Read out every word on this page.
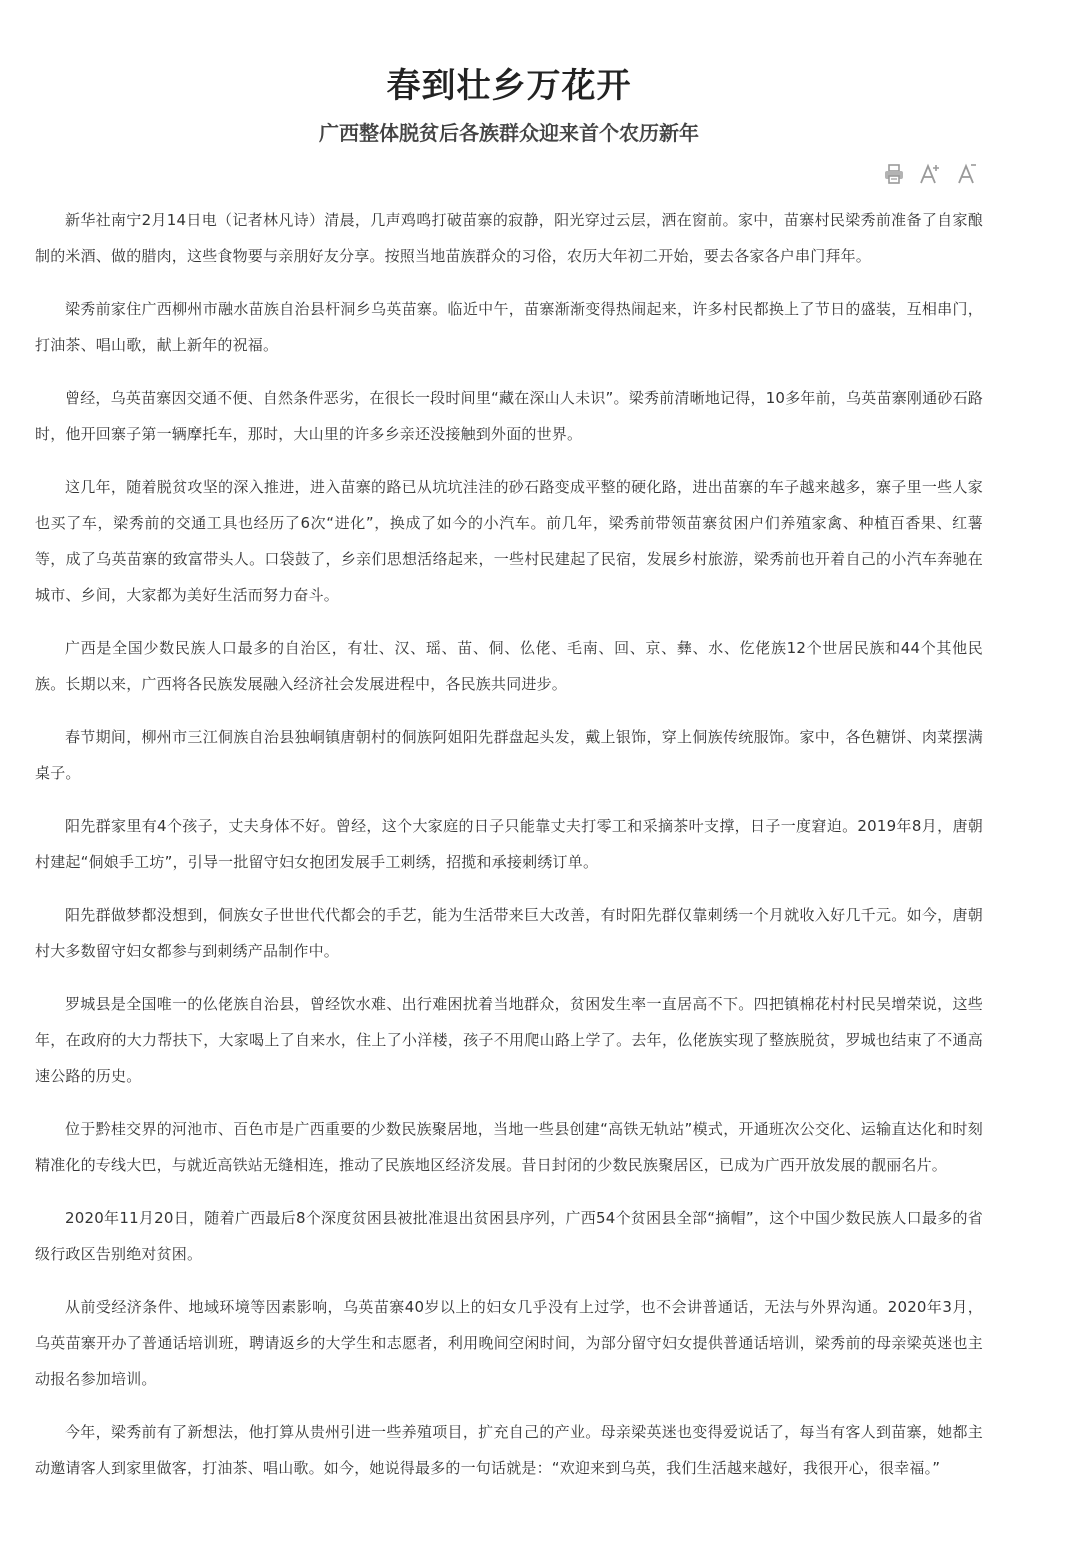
春到壮乡万花开
广西整体脱贫后各族群众迎来首个农历新年

新华社南宁2月14日电（记者林凡诗）清晨，几声鸡鸣打破苗寨的寂静，阳光穿过云层，洒在窗前。家中，苗寨村民梁秀前准备了自家酿制的米酒、做的腊肉，这些食物要与亲朋好友分享。按照当地苗族群众的习俗，农历大年初二开始，要去各家各户串门拜年。

梁秀前家住广西柳州市融水苗族自治县杆洞乡乌英苗寨。临近中午，苗寨渐渐变得热闹起来，许多村民都换上了节日的盛装，互相串门，打油茶、唱山歌，献上新年的祝福。

曾经，乌英苗寨因交通不便、自然条件恶劣，在很长一段时间里“藏在深山人未识”。梁秀前清晰地记得，10多年前，乌英苗寨刚通砂石路时，他开回寨子第一辆摩托车，那时，大山里的许多乡亲还没接触到外面的世界。

这几年，随着脱贫攻坚的深入推进，进入苗寨的路已从坑坑洼洼的砂石路变成平整的硬化路，进出苗寨的车子越来越多，寨子里一些人家也买了车，梁秀前的交通工具也经历了6次“进化”，换成了如今的小汽车。前几年，梁秀前带领苗寨贫困户们养殖家禽、种植百香果、红薯等，成了乌英苗寨的致富带头人。口袋鼓了，乡亲们思想活络起来，一些村民建起了民宿，发展乡村旅游，梁秀前也开着自己的小汽车奔驰在城市、乡间，大家都为美好生活而努力奋斗。

广西是全国少数民族人口最多的自治区，有壮、汉、瑶、苗、侗、仫佬、毛南、回、京、彝、水、仡佬族12个世居民族和44个其他民族。长期以来，广西将各民族发展融入经济社会发展进程中，各民族共同进步。

春节期间，柳州市三江侗族自治县独峒镇唐朝村的侗族阿姐阳先群盘起头发，戴上银饰，穿上侗族传统服饰。家中，各色糖饼、肉菜摆满桌子。

阳先群家里有4个孩子，丈夫身体不好。曾经，这个大家庭的日子只能靠丈夫打零工和采摘茶叶支撑，日子一度窘迫。2019年8月，唐朝村建起“侗娘手工坊”，引导一批留守妇女抱团发展手工刺绣，招揽和承接刺绣订单。

阳先群做梦都没想到，侗族女子世世代代都会的手艺，能为生活带来巨大改善，有时阳先群仅靠刺绣一个月就收入好几千元。如今，唐朝村大多数留守妇女都参与到刺绣产品制作中。

罗城县是全国唯一的仫佬族自治县，曾经饮水难、出行难困扰着当地群众，贫困发生率一直居高不下。四把镇棉花村村民吴增荣说，这些年，在政府的大力帮扶下，大家喝上了自来水，住上了小洋楼，孩子不用爬山路上学了。去年，仫佬族实现了整族脱贫，罗城也结束了不通高速公路的历史。

位于黔桂交界的河池市、百色市是广西重要的少数民族聚居地，当地一些县创建“高铁无轨站”模式，开通班次公交化、运输直达化和时刻精准化的专线大巴，与就近高铁站无缝相连，推动了民族地区经济发展。昔日封闭的少数民族聚居区，已成为广西开放发展的靓丽名片。

2020年11月20日，随着广西最后8个深度贫困县被批准退出贫困县序列，广西54个贫困县全部“摘帽”，这个中国少数民族人口最多的省级行政区告别绝对贫困。

从前受经济条件、地域环境等因素影响，乌英苗寨40岁以上的妇女几乎没有上过学，也不会讲普通话，无法与外界沟通。2020年3月，乌英苗寨开办了普通话培训班，聘请返乡的大学生和志愿者，利用晚间空闲时间，为部分留守妇女提供普通话培训，梁秀前的母亲梁英迷也主动报名参加培训。

今年，梁秀前有了新想法，他打算从贵州引进一些养殖项目，扩充自己的产业。母亲梁英迷也变得爱说话了，每当有客人到苗寨，她都主动邀请客人到家里做客，打油茶、唱山歌。如今，她说得最多的一句话就是：“欢迎来到乌英，我们生活越来越好，我很开心，很幸福。”
